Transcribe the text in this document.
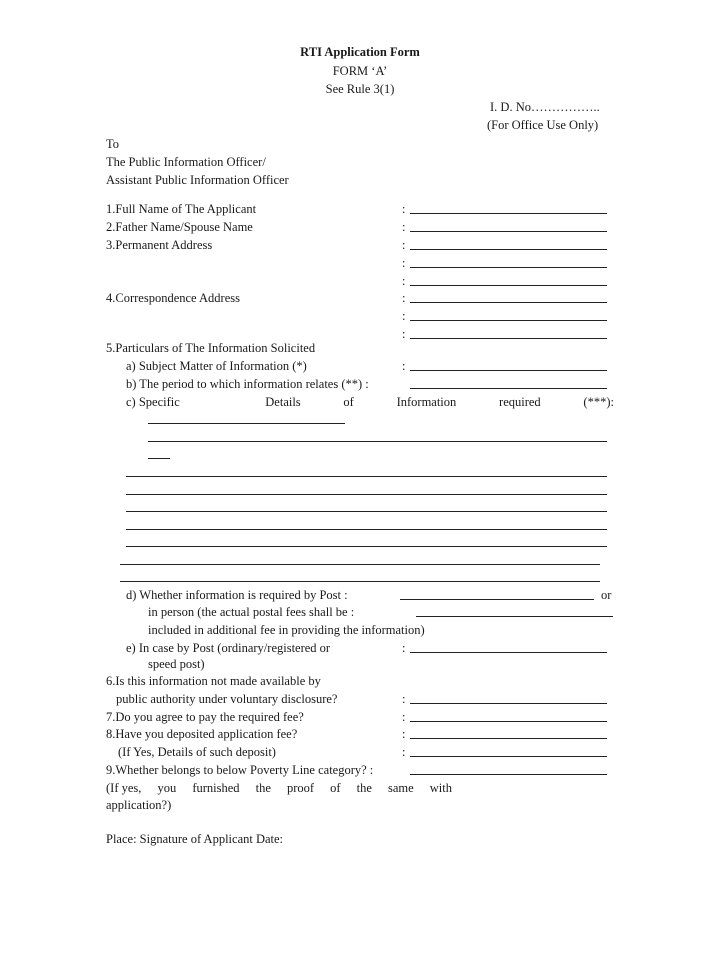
RTI Application Form
FORM ‘A’
See Rule 3(1)
I. D. No……………..
(For Office Use Only)
To
The Public Information Officer/
Assistant Public Information Officer
1.Full Name of The Applicant	:
2.Father Name/Spouse Name	:
3.Permanent Address	:
:
:
4.Correspondence Address	:
:
:
5.Particulars of The Information Solicited
a) Subject Matter of Information (*)	:
b) The period to which information relates (**) :
c) Specific	Details	of	Information	required	(***):
d) Whether information is required by Post :	or
in person (the actual postal fees shall be :
included in additional fee in providing the information)
e) In case by Post (ordinary/registered or	:
speed post)
6.Is this information not made available by
public authority under voluntary disclosure?	:
7.Do you agree to pay the required fee?	:
8.Have you deposited application fee?	:
(If Yes, Details of such deposit)	:
9.Whether belongs to below Poverty Line category? :
(If yes, you furnished the proof of the same with
application?)
Place: Signature of Applicant Date:
